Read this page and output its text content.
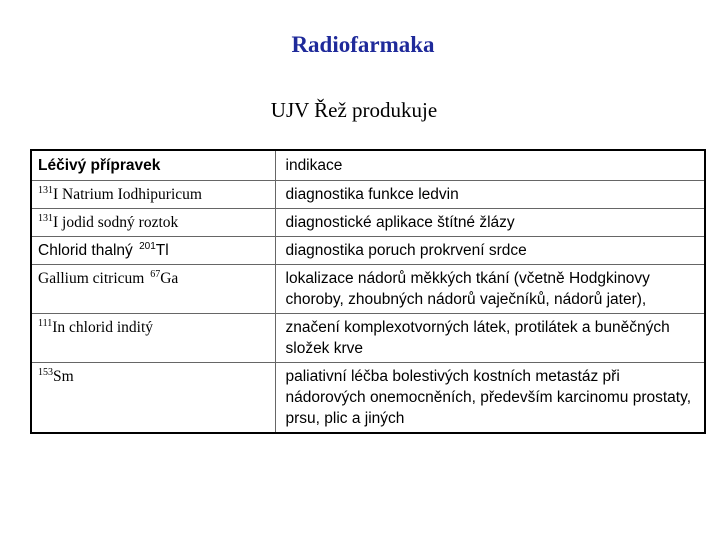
Radiofarmaka
UJV Řež produkuje
Léčivý přípravek	indikace
$^{131}$I Natrium Iodhipuricum	diagnostika funkce ledvin
$^{131}$I jodid sodný roztok	diagnostické aplikace štítné žlázy
Chlorid thalný $^{201}$Tl	diagnostika poruch prokrvení srdce
Gallium citricum $^{67}$Ga	lokalizace nádorů měkkých tkání (včetně Hodgkinovy choroby, zhoubných nádorů vaječníků, nádorů jater),
$^{111}$In chlorid inditý	značení komplexotvorných látek, protilátek a buněčných složek krve
$^{153}$Sm	paliativní léčba bolestivých kostních metastáz při nádorových onemocněních, především karcinomu prostaty, prsu, plic a jiných
